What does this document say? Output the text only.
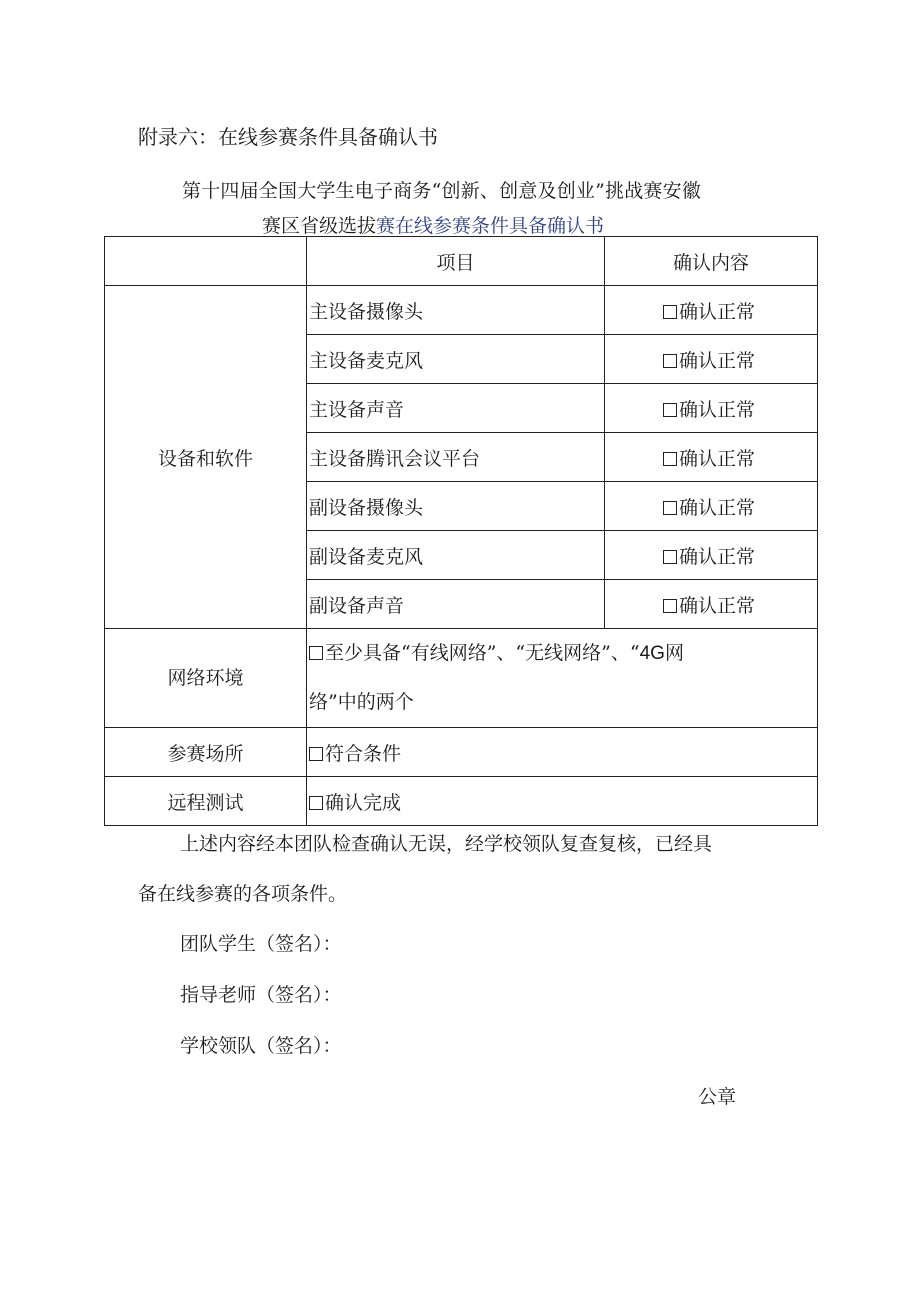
附录六：在线参赛条件具备确认书
第十四届全国大学生电子商务“创新、创意及创业”挑战赛安徽
赛区省级选拔赛在线参赛条件具备确认书
	项目	确认内容
设备和软件	主设备摄像头	确认正常
	主设备麦克风	确认正常
	主设备声音	确认正常
	主设备腾讯会议平台	确认正常
	副设备摄像头	确认正常
	副设备麦克风	确认正常
	副设备声音	确认正常
网络环境	至少具备“有线网络”、“无线网络”、“4G网
络”中的两个	

参赛场所	符合条件	
远程测试	确认完成	
上述内容经本团队检查确认无误，经学校领队复查复核，已经具
备在线参赛的各项条件。
团队学生（签名）：
指导老师（签名）：
学校领队（签名）：
公章
